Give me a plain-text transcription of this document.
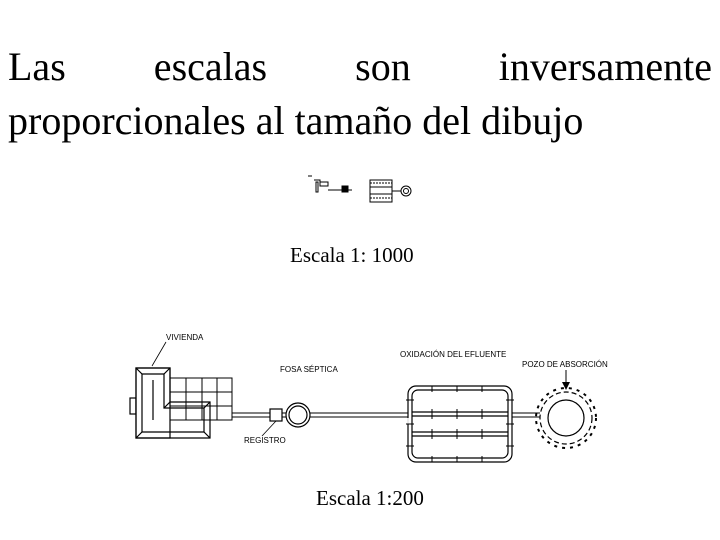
Las escalas son inversamente
proporcionales al tamaño del dibujo
Escala 1: 1000
VIVIENDA
FOSA SÉPTICA
OXIDACIÓN DEL EFLUENTE
POZO DE ABSORCIÓN
REGISTRO
Escala 1:200
